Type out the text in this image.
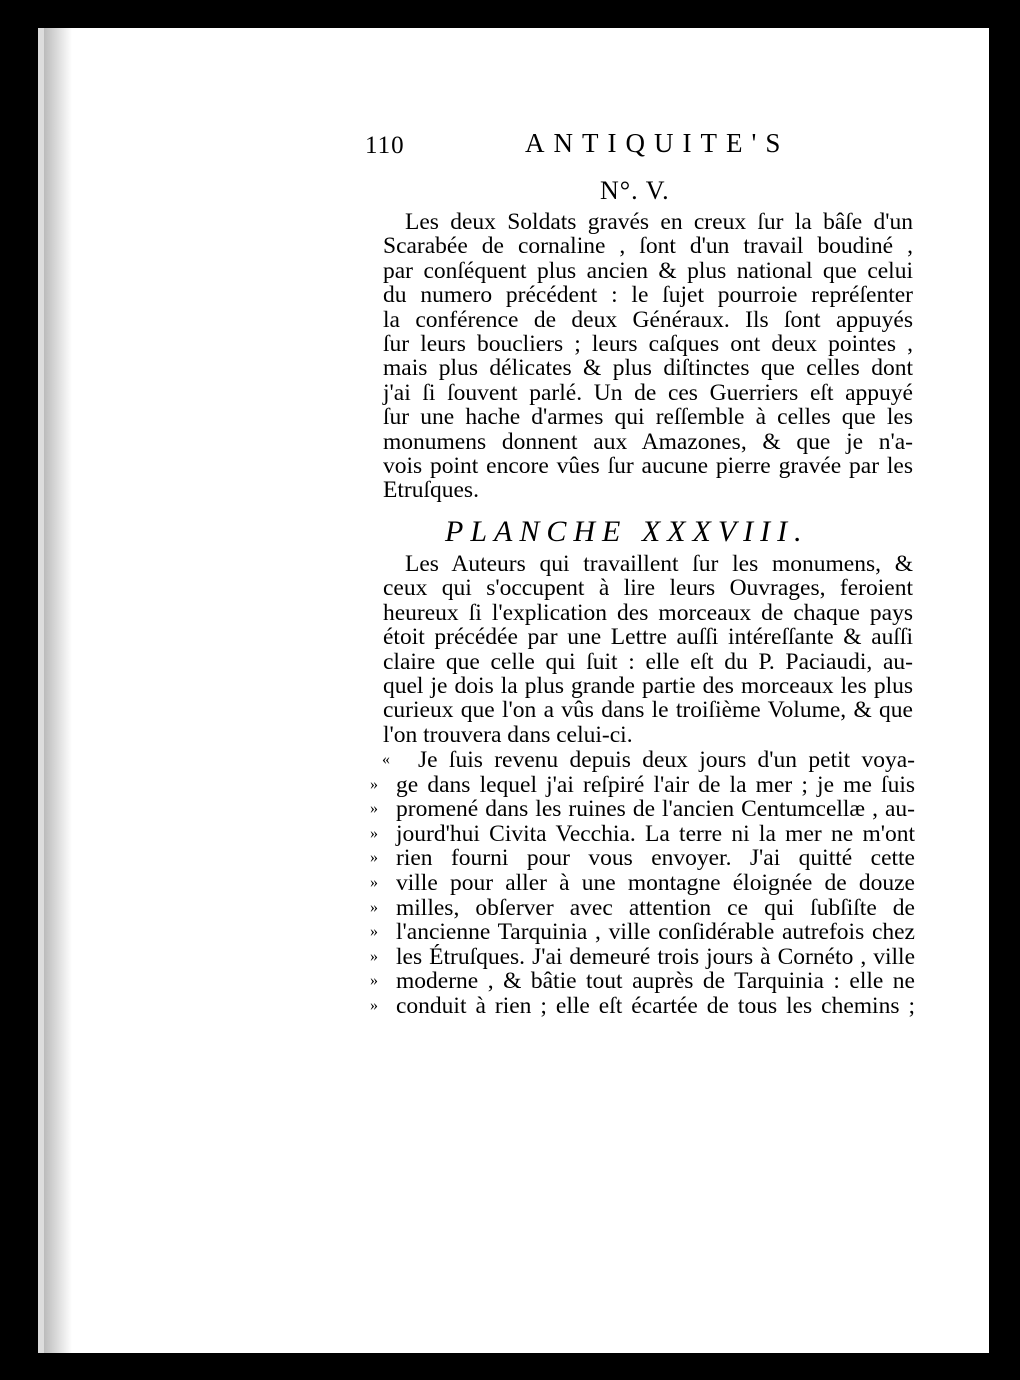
110	ANTIQUITE'S
N°. V.
Les deux Soldats gravés en creux ſur la bâſe d'un
Scarabée de cornaline , ſont d'un travail boudiné ,
par conſéquent plus ancien & plus national que celui
du numero précédent : le ſujet pourroie repréſenter
la conférence de deux Généraux. Ils ſont appuyés
ſur leurs boucliers ; leurs caſques ont deux pointes ,
mais plus délicates & plus diſtinctes que celles dont
j'ai ſi ſouvent parlé. Un de ces Guerriers eſt appuyé
ſur une hache d'armes qui reſſemble à celles que les
monumens donnent aux Amazones, & que je n'a-
vois point encore vûes ſur aucune pierre gravée par les
Etruſques.
PLANCHE XXXVIII.
Les Auteurs qui travaillent ſur les monumens, &
ceux qui s'occupent à lire leurs Ouvrages, feroient
heureux ſi l'explication des morceaux de chaque pays
étoit précédée par une Lettre auſſi intéreſſante & auſſi
claire que celle qui ſuit : elle eſt du P. Paciaudi, au-
quel je dois la plus grande partie des morceaux les plus
curieux que l'on a vûs dans le troiſième Volume, & que
l'on trouvera dans celui-ci.
«	Je ſuis revenu depuis deux jours d'un petit voya-
» ge dans lequel j'ai reſpiré l'air de la mer ; je me ſuis
» promené dans les ruines de l'ancien Centumcellæ , au-
» jourd'hui Civita Vecchia. La terre ni la mer ne m'ont
» rien fourni pour vous envoyer. J'ai quitté cette
» ville pour aller à une montagne éloignée de douze
» milles, obſerver avec attention ce qui ſubſiſte de
» l'ancienne Tarquinia , ville conſidérable autrefois chez
» les Étruſques. J'ai demeuré trois jours à Cornéto , ville
» moderne , & bâtie tout auprès de Tarquinia : elle ne
» conduit à rien ; elle eſt écartée de tous les chemins ;
